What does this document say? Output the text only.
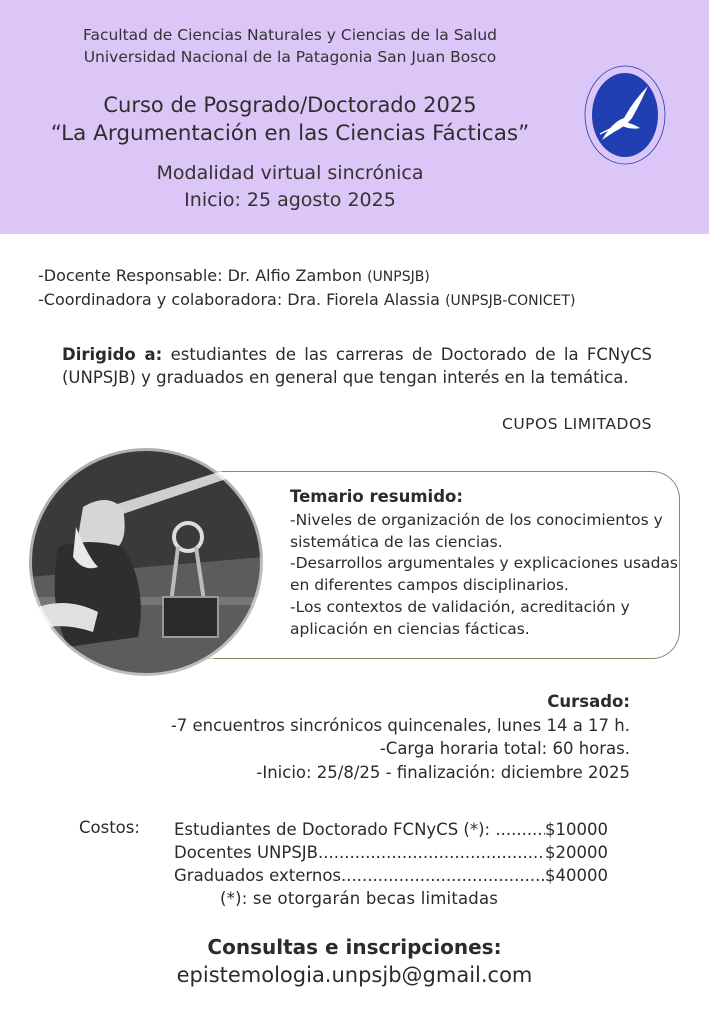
Facultad de Ciencias Naturales y Ciencias de la Salud
Universidad Nacional de la Patagonia San Juan Bosco
Curso de Posgrado/Doctorado 2025
“La Argumentación en las Ciencias Fácticas”
Modalidad virtual sincrónica
Inicio: 25 agosto 2025
-Docente Responsable: Dr. Alfio Zambon (UNPSJB)
-Coordinadora y colaboradora: Dra. Fiorela Alassia (UNPSJB-CONICET)
Dirigido a: estudiantes de las carreras de Doctorado de la FCNyCS (UNPSJB) y graduados en general que tengan interés en la temática.
CUPOS LIMITADOS
Temario resumido:
-Niveles de organización de los conocimientos y sistemática de las ciencias.
-Desarrollos argumentales y explicaciones usadas en diferentes campos disciplinarios.
-Los contextos de validación, acreditación y aplicación en ciencias fácticas.
Cursado:
-7 encuentros sincrónicos quincenales, lunes 14 a 17 h.
-Carga horaria total: 60 horas.
-Inicio: 25/8/25 - finalización: diciembre 2025
Costos: Estudiantes de Doctorado FCNyCS (*): .....	$10000
Docentes UNPSJB .....	$20000
Graduados externos .....	$40000
(*): se otorgarán becas limitadas
Consultas e inscripciones:
epistemologia.unpsjb@gmail.com
